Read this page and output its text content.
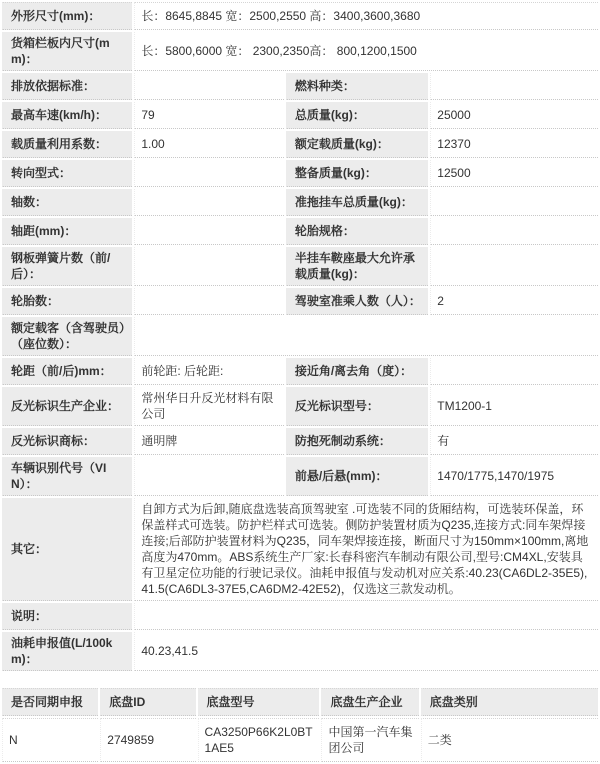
外形尺寸(mm)：	长：8645,8845 宽：2500,2550 高：3400,3600,3680		
货箱栏板内尺寸(mm)：	长：5800,6000 宽： 2300,2350高： 800,1200,1500		
排放依据标准：		燃料种类：	
最高车速(km/h)：	79	总质量(kg)：	25000
载质量利用系数：	1.00	额定载质量(kg)：	12370
转向型式：		整备质量(kg)：	12500
轴数：		准拖挂车总质量(kg)：	
轴距(mm)：		轮胎规格：	
钢板弹簧片数（前/后）：		半挂车鞍座最大允许承载质量(kg)：	
轮胎数：		驾驶室准乘人数（人）：	2
额定载客（含驾驶员）（座位数）：			
轮距（前/后)mm：	前轮距: 后轮距:	接近角/离去角（度）：	
反光标识生产企业：	常州华日升反光材料有限公司	反光标识型号：	TM1200-1
反光标识商标：	通明牌	防抱死制动系统：	有
车辆识别代号（VIN）：		前悬/后悬(mm)：	1470/1775,1470/1975
其它：	自卸方式为后卸,随底盘选装高顶驾驶室 .可选装不同的货厢结构，可选装环保盖，环保盖样式可选装。防护栏样式可选装。侧防护装置材质为Q235,连接方式:同车架焊接连接;后部防护装置材料为Q235，同车架焊接连接，断面尺寸为150mm×100mm,离地高度为470mm。ABS系统生产厂家:长春科密汽车制动有限公司,型号:CM4XL,安装具有卫星定位功能的行驶记录仪。油耗申报值与发动机对应关系:40.23(CA6DL2-35E5),41.5(CA6DL3-37E5,CA6DM2-42E52)，仅选这三款发动机。		
说明：			
油耗申报值(L/100km)：	40.23,41.5		
是否同期申报	底盘ID	底盘型号	底盘生产企业	底盘类别
N	2749859	CA3250P66K2L0BT1AE5	中国第一汽车集团公司	二类
